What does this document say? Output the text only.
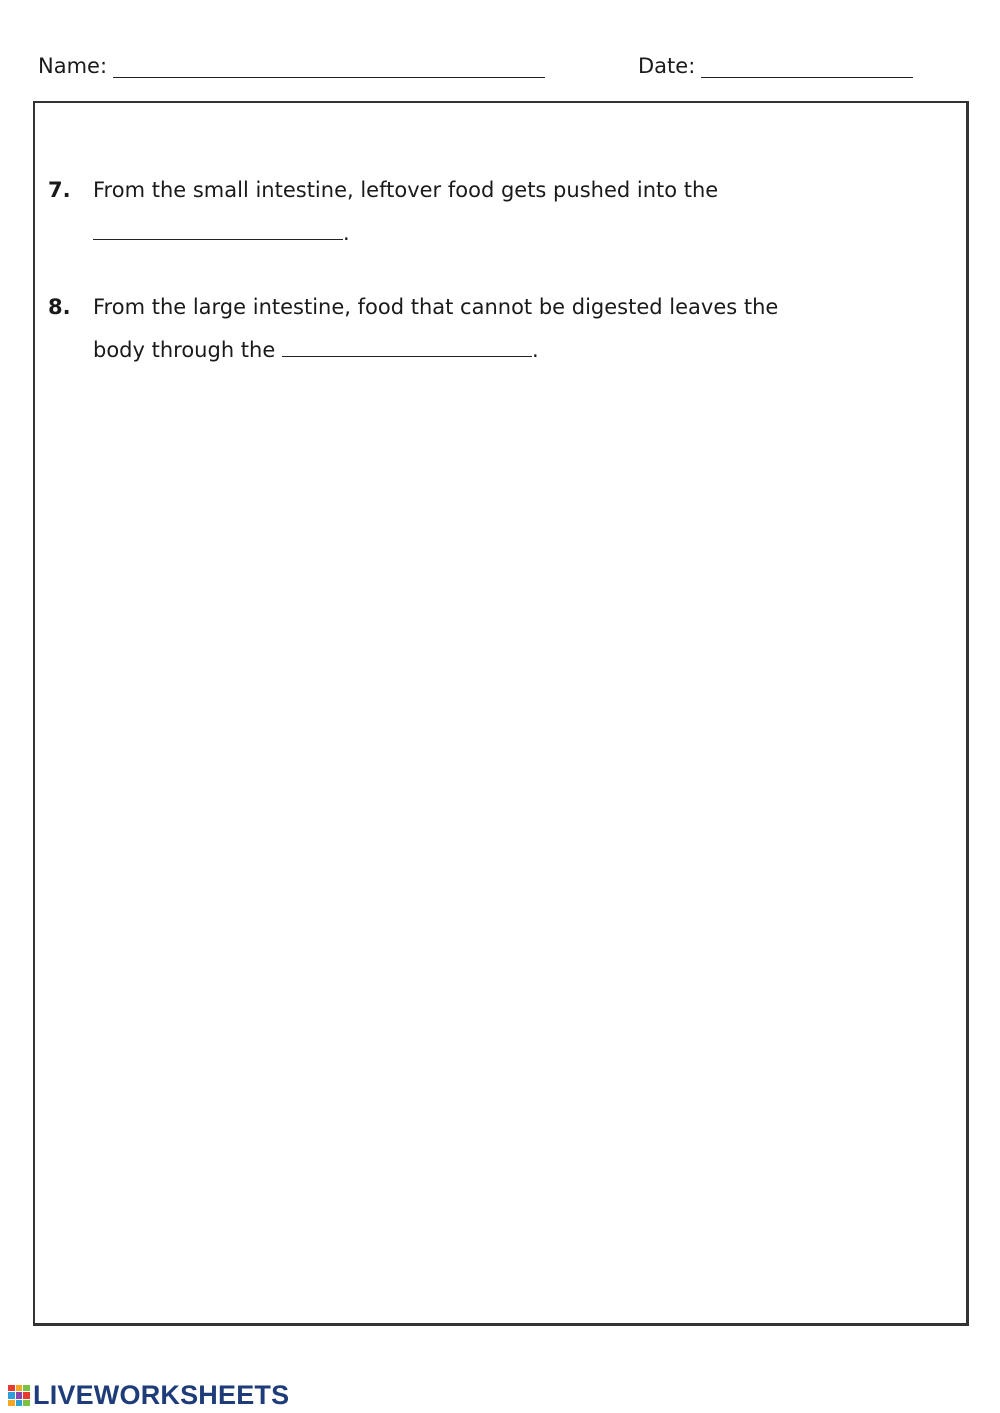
Name:	Date:
7.	From the small intestine, leftover food gets pushed into the
.
8.	From the large intestine, food that cannot be digested leaves the
body through the	.
LIVEWORKSHEETS
